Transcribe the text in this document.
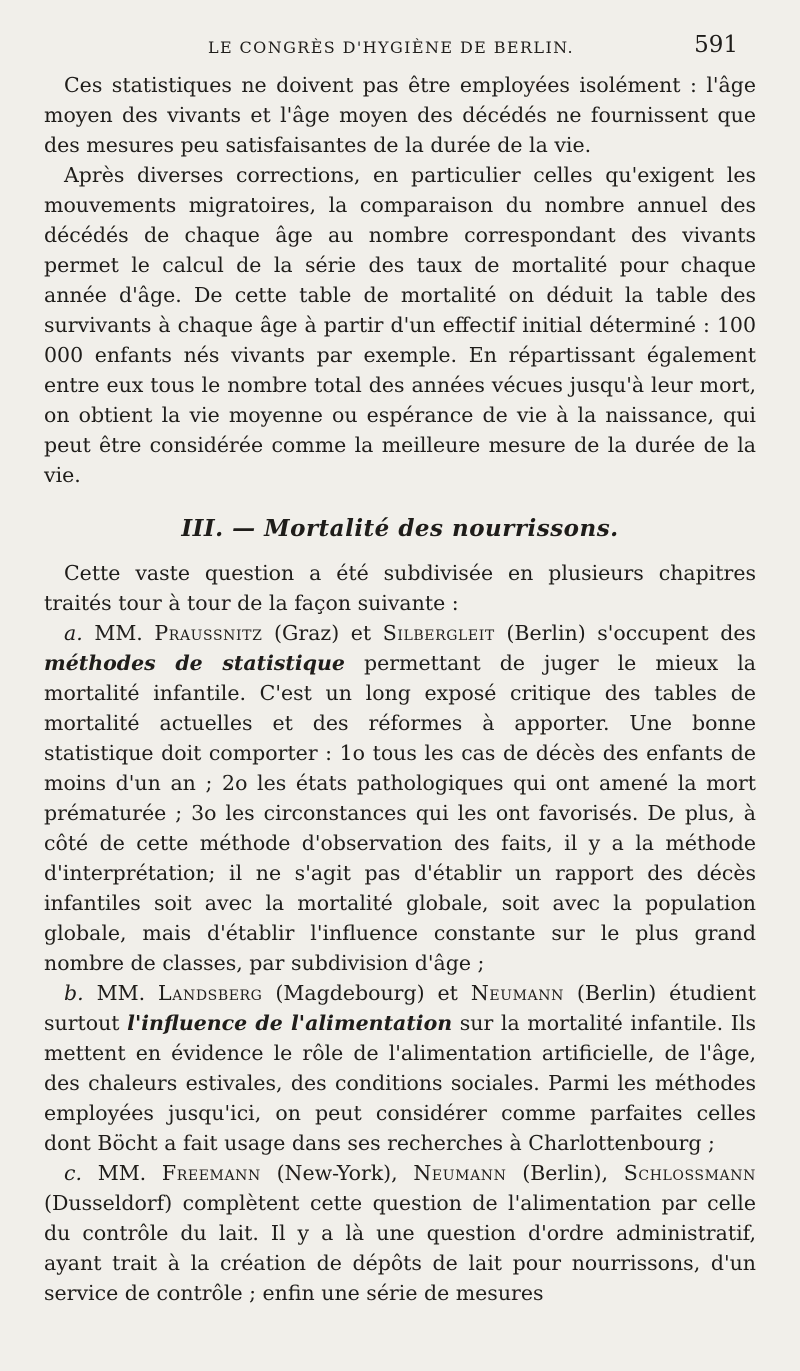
LE CONGRÈS D'HYGIÈNE DE BERLIN.	591

Ces statistiques ne doivent pas être employées isolément : l'âge moyen des vivants et l'âge moyen des décédés ne fournissent que des mesures peu satisfaisantes de la durée de la vie.

Après diverses corrections, en particulier celles qu'exigent les mouvements migratoires, la comparaison du nombre annuel des décédés de chaque âge au nombre correspondant des vivants permet le calcul de la série des taux de mortalité pour chaque année d'âge. De cette table de mortalité on déduit la table des survivants à chaque âge à partir d'un effectif initial déterminé : 100 000 enfants nés vivants par exemple. En répartissant également entre eux tous le nombre total des années vécues jusqu'à leur mort, on obtient la vie moyenne ou espérance de vie à la naissance, qui peut être considérée comme la meilleure mesure de la durée de la vie.

III. — Mortalité des nourrissons.

Cette vaste question a été subdivisée en plusieurs chapitres traités tour à tour de la façon suivante :

a. MM. Praussnitz (Graz) et Silbergleit (Berlin) s'occupent des méthodes de statistique permettant de juger le mieux la mortalité infantile. C'est un long exposé critique des tables de mortalité actuelles et des réformes à apporter. Une bonne statistique doit comporter : 1o tous les cas de décès des enfants de moins d'un an ; 2o les états pathologiques qui ont amené la mort prématurée ; 3o les circonstances qui les ont favorisés. De plus, à côté de cette méthode d'observation des faits, il y a la méthode d'interprétation; il ne s'agit pas d'établir un rapport des décès infantiles soit avec la mortalité globale, soit avec la population globale, mais d'établir l'influence constante sur le plus grand nombre de classes, par subdivision d'âge ;

b. MM. Landsberg (Magdebourg) et Neumann (Berlin) étudient surtout l'influence de l'alimentation sur la mortalité infantile. Ils mettent en évidence le rôle de l'alimentation artificielle, de l'âge, des chaleurs estivales, des conditions sociales. Parmi les méthodes employées jusqu'ici, on peut considérer comme parfaites celles dont Böcht a fait usage dans ses recherches à Charlottenbourg ;

c. MM. Freemann (New-York), Neumann (Berlin), Schlossmann (Dusseldorf) complètent cette question de l'alimentation par celle du contrôle du lait. Il y a là une question d'ordre administratif, ayant trait à la création de dépôts de lait pour nourrissons, d'un service de contrôle ; enfin une série de mesures
